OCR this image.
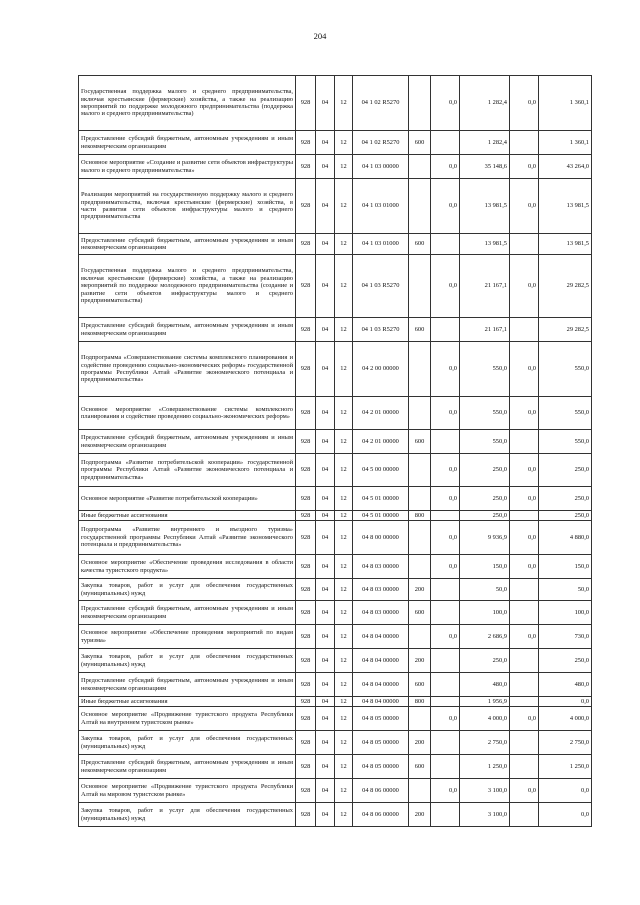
204
Государственная поддержка малого и среднего предпринимательства, включая крестьянские (фермерские) хозяйства, а также на реализацию мероприятий по поддержке молодежного предпринимательства (поддержка малого и среднего предпринимательства)	928	04	12	04 1 02 R5270		0,0	1 282,4	0,0	1 360,1
Предоставление субсидий бюджетным, автономным учреждениям и иным некоммерческим организациям	928	04	12	04 1 02 R5270	600		1 282,4		1 360,1
Основное мероприятие «Создание и развитие сети объектов инфраструктуры малого и среднего предпринимательства»	928	04	12	04 1 03 00000		0,0	35 148,6	0,0	43 264,0
Реализация мероприятий на государственную поддержку малого и среднего предпринимательства, включая крестьянские (фермерские) хозяйства, в части развития сети объектов инфраструктуры малого и среднего предпринимательства	928	04	12	04 1 03 01000		0,0	13 981,5	0,0	13 981,5
Предоставление субсидий бюджетным, автономным учреждениям и иным некоммерческим организациям	928	04	12	04 1 03 01000	600		13 981,5		13 981,5
Государственная поддержка малого и среднего предпринимательства, включая крестьянские (фермерские) хозяйства, а также на реализацию мероприятий по поддержке молодежного предпринимательства (создание и развитие сети объектов инфраструктуры малого и среднего предпринимательства)	928	04	12	04 1 03 R5270		0,0	21 167,1	0,0	29 282,5
Предоставление субсидий бюджетным, автономным учреждениям и иным некоммерческим организациям	928	04	12	04 1 03 R5270	600		21 167,1		29 282,5
Подпрограмма «Совершенствование системы комплексного планирования и содействие проведению социально-экономических реформ» государственной программы Республики Алтай «Развитие экономического потенциала и предпринимательства»	928	04	12	04 2 00 00000		0,0	550,0	0,0	550,0
Основное мероприятие «Совершенствование системы комплексного планирования и содействие проведению социально-экономических реформ»	928	04	12	04 2 01 00000		0,0	550,0	0,0	550,0
Предоставление субсидий бюджетным, автономным учреждениям и иным некоммерческим организациям	928	04	12	04 2 01 00000	600		550,0		550,0
Подпрограмма «Развитие потребительской кооперации» государственной программы Республики Алтай «Развитие экономического потенциала и предпринимательства»	928	04	12	04 5 00 00000		0,0	250,0	0,0	250,0
Основное мероприятие «Развитие потребительской кооперации»	928	04	12	04 5 01 00000		0,0	250,0	0,0	250,0
Иные бюджетные ассигнования	928	04	12	04 5 01 00000	800		250,0		250,0
Подпрограмма «Развитие внутреннего и въездного туризма» государственной программы Республики Алтай «Развитие экономического потенциала и предпринимательства»	928	04	12	04 8 00 00000		0,0	9 936,9	0,0	4 880,0
Основное мероприятие «Обеспечение проведения исследования в области качества туристского продукта»	928	04	12	04 8 03 00000		0,0	150,0	0,0	150,0
Закупка товаров, работ и услуг для обеспечения государственных (муниципальных) нужд	928	04	12	04 8 03 00000	200		50,0		50,0
Предоставление субсидий бюджетным, автономным учреждениям и иным некоммерческим организациям	928	04	12	04 8 03 00000	600		100,0		100,0
Основное мероприятие «Обеспечение проведения мероприятий по видам туризма»	928	04	12	04 8 04 00000		0,0	2 686,9	0,0	730,0
Закупка товаров, работ и услуг для обеспечения государственных (муниципальных) нужд	928	04	12	04 8 04 00000	200		250,0		250,0
Предоставление субсидий бюджетным, автономным учреждениям и иным некоммерческим организациям	928	04	12	04 8 04 00000	600		480,0		480,0
Иные бюджетные ассигнования	928	04	12	04 8 04 00000	800		1 956,9		0,0
Основное мероприятие «Продвижение туристского продукта Республики Алтай на внутреннем туристском рынке»	928	04	12	04 8 05 00000		0,0	4 000,0	0,0	4 000,0
Закупка товаров, работ и услуг для обеспечения государственных (муниципальных) нужд	928	04	12	04 8 05 00000	200		2 750,0		2 750,0
Предоставление субсидий бюджетным, автономным учреждениям и иным некоммерческим организациям	928	04	12	04 8 05 00000	600		1 250,0		1 250,0
Основное мероприятие «Продвижение туристского продукта Республики Алтай на мировом туристском рынке»	928	04	12	04 8 06 00000		0,0	3 100,0	0,0	0,0
Закупка товаров, работ и услуг для обеспечения государственных (муниципальных) нужд	928	04	12	04 8 06 00000	200		3 100,0		0,0
